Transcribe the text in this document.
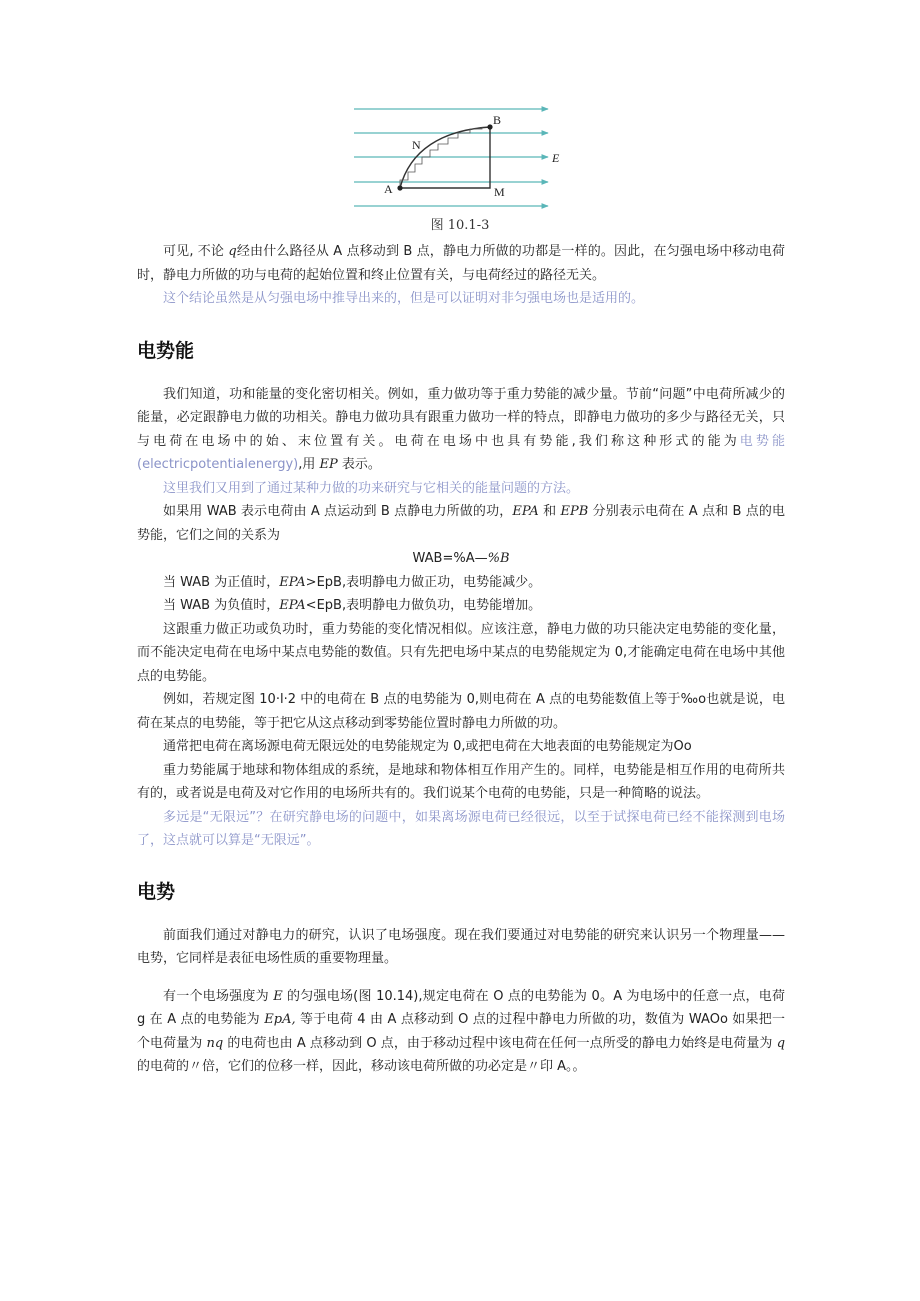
A
B
N
M
E
图 10.1-3

可见, 不论 q经由什么路径从 A 点移动到 B 点，静电力所做的功都是一样的。因此，在匀强电场中移动电荷时，静电力所做的功与电荷的起始位置和终止位置有关，与电荷经过的路径无关。

这个结论虽然是从匀强电场中推导出来的，但是可以证明对非匀强电场也是适用的。

电势能

我们知道，功和能量的变化密切相关。例如，重力做功等于重力势能的减少量。节前“问题”中电荷所减少的能量，必定跟静电力做的功相关。静电力做功具有跟重力做功一样的特点，即静电力做功的多少与路径无关，只与电荷在电场中的始、末位置有关。电荷在电场中也具有势能,我们称这种形式的能为电势能(electricpotentialenergy),用 EP 表示。

这里我们又用到了通过某种力做的功来研究与它相关的能量问题的方法。

如果用 WAB 表示电荷由 A 点运动到 B 点静电力所做的功，EPA 和 EPB 分别表示电荷在 A 点和 B 点的电势能，它们之间的关系为

WAB=%A—%B

当 WAB 为正值时，EPA>EpB,表明静电力做正功，电势能减少。

当 WAB 为负值时，EPA<EpB,表明静电力做负功，电势能增加。

这跟重力做正功或负功时，重力势能的变化情况相似。应该注意，静电力做的功只能决定电势能的变化量，而不能决定电荷在电场中某点电势能的数值。只有先把电场中某点的电势能规定为 0,才能确定电荷在电场中其他点的电势能。

例如，若规定图 10·l·2 中的电荷在 B 点的电势能为 0,则电荷在 A 点的电势能数值上等于‰o也就是说，电荷在某点的电势能，等于把它从这点移动到零势能位置时静电力所做的功。

通常把电荷在离场源电荷无限远处的电势能规定为 0,或把电荷在大地表面的电势能规定为Oo

重力势能属于地球和物体组成的系统，是地球和物体相互作用产生的。同样，电势能是相互作用的电荷所共有的，或者说是电荷及对它作用的电场所共有的。我们说某个电荷的电势能，只是一种简略的说法。

多远是“无限远”？在研究静电场的问题中，如果离场源电荷已经很远，以至于试探电荷已经不能探测到电场了，这点就可以算是“无限远”。

电势

前面我们通过对静电力的研究，认识了电场强度。现在我们要通过对电势能的研究来认识另一个物理量——电势，它同样是表征电场性质的重要物理量。

有一个电场强度为 E 的匀强电场(图 10.14),规定电荷在 O 点的电势能为 0。A 为电场中的任意一点，电荷 g 在 A 点的电势能为 EpA, 等于电荷 4 由 A 点移动到 O 点的过程中静电力所做的功，数值为 WAOo 如果把一个电荷量为 nq 的电荷也由 A 点移动到 O 点，由于移动过程中该电荷在任何一点所受的静电力始终是电荷量为 q 的电荷的〃倍，它们的位移一样，因此，移动该电荷所做的功必定是〃印 A。。
